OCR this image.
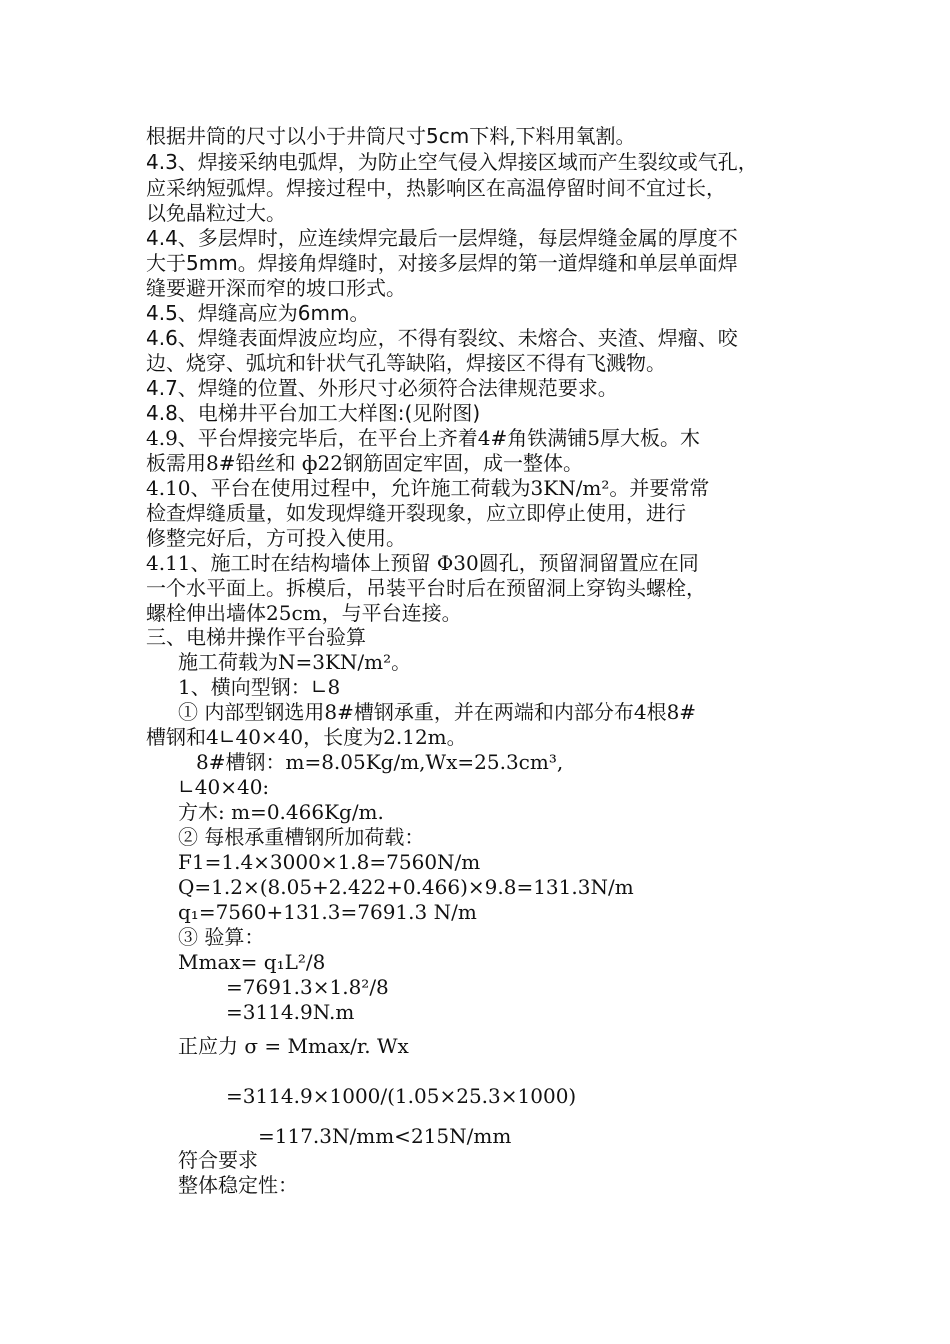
根据井筒的尺寸以小于井筒尺寸5cm下料,下料用氧割。

4.3、焊接采纳电弧焊，为防止空气侵入焊接区域而产生裂纹或气孔，

应采纳短弧焊。焊接过程中，热影响区在高温停留时间不宜过长，

以免晶粒过大。

4.4、多层焊时，应连续焊完最后一层焊缝，每层焊缝金属的厚度不

大于5mm。焊接角焊缝时，对接多层焊的第一道焊缝和单层单面焊

缝要避开深而窄的坡口形式。

4.5、焊缝高应为6mm。

4.6、焊缝表面焊波应均应，不得有裂纹、未熔合、夹渣、焊瘤、咬

边、烧穿、弧坑和针状气孔等缺陷，焊接区不得有飞溅物。

4.7、焊缝的位置、外形尺寸必须符合法律规范要求。

4.8、电梯井平台加工大样图:(见附图)

4.9、平台焊接完毕后，在平台上齐着4#角铁满铺5厚大板。木

板需用8#铅丝和 ф22钢筋固定牢固，成一整体。

4.10、平台在使用过程中，允许施工荷载为3KN/m²。并要常常

检查焊缝质量，如发现焊缝开裂现象，应立即停止使用，进行

修整完好后，方可投入使用。

4.11、施工时在结构墙体上预留 Φ30圆孔，预留洞留置应在同

一个水平面上。拆模后，吊装平台时后在预留洞上穿钩头螺栓，

螺栓伸出墙体25cm，与平台连接。

三、电梯井操作平台验算

施工荷载为N=3KN/m²。

1、横向型钢：∟8

① 内部型钢选用8#槽钢承重，并在两端和内部分布4根8#

槽钢和4∟40×40，长度为2.12m。

8#槽钢：m=8.05Kg/m,Wx=25.3cm³,

∟40×40:

方木: m=0.466Kg/m.

② 每根承重槽钢所加荷载：

F1=1.4×3000×1.8=7560N/m

Q=1.2×(8.05+2.422+0.466)×9.8=131.3N/m

q₁=7560+131.3=7691.3 N/m

③ 验算：

Mmax= q₁L²/8

=7691.3×1.8²/8

=3114.9N.m

正应力 σ = Mmax/r. Wx

=3114.9×1000/(1.05×25.3×1000)

=117.3N/mm<215N/mm

符合要求

整体稳定性：
